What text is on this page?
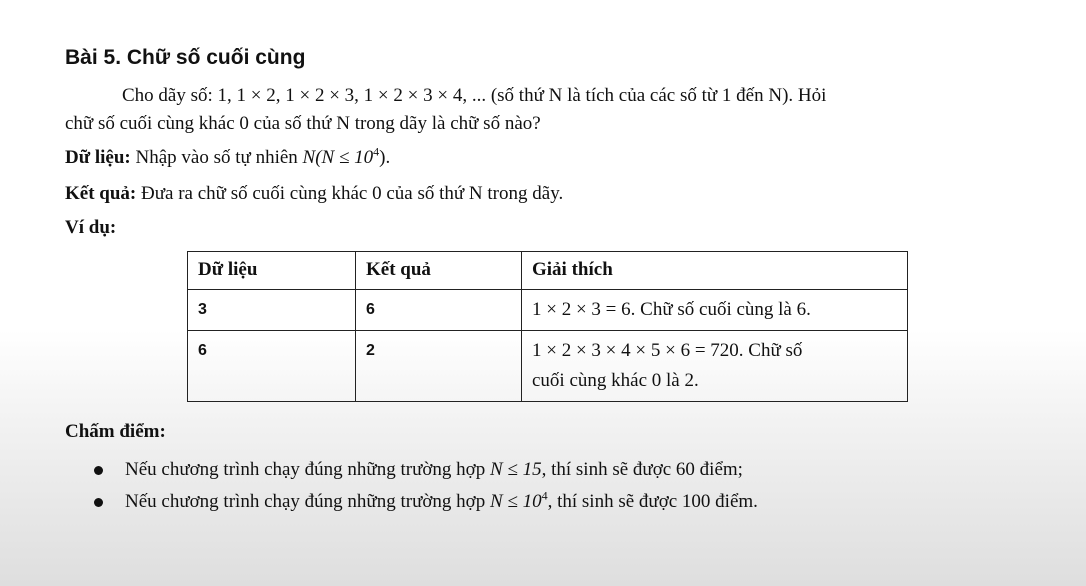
Bài 5. Chữ số cuối cùng
Cho dãy số: 1, 1 × 2, 1 × 2 × 3, 1 × 2 × 3 × 4, ... (số thứ N là tích của các số từ 1 đến N). Hỏi
chữ số cuối cùng khác 0 của số thứ N trong dãy là chữ số nào?
Dữ liệu: Nhập vào số tự nhiên $N(N \le 10^4)$.
Kết quả: Đưa ra chữ số cuối cùng khác 0 của số thứ N trong dãy.
Ví dụ:
Dữ liệu	Kết quả	Giải thích
3	6	1 × 2 × 3 = 6. Chữ số cuối cùng là 6.
6	2	1 × 2 × 3 × 4 × 5 × 6 = 720. Chữ số
cuối cùng khác 0 là 2.
Chấm điểm:
Nếu chương trình chạy đúng những trường hợp N ≤ 15, thí sinh sẽ được 60 điểm;
Nếu chương trình chạy đúng những trường hợp $N \le 10^4$, thí sinh sẽ được 100 điểm.
